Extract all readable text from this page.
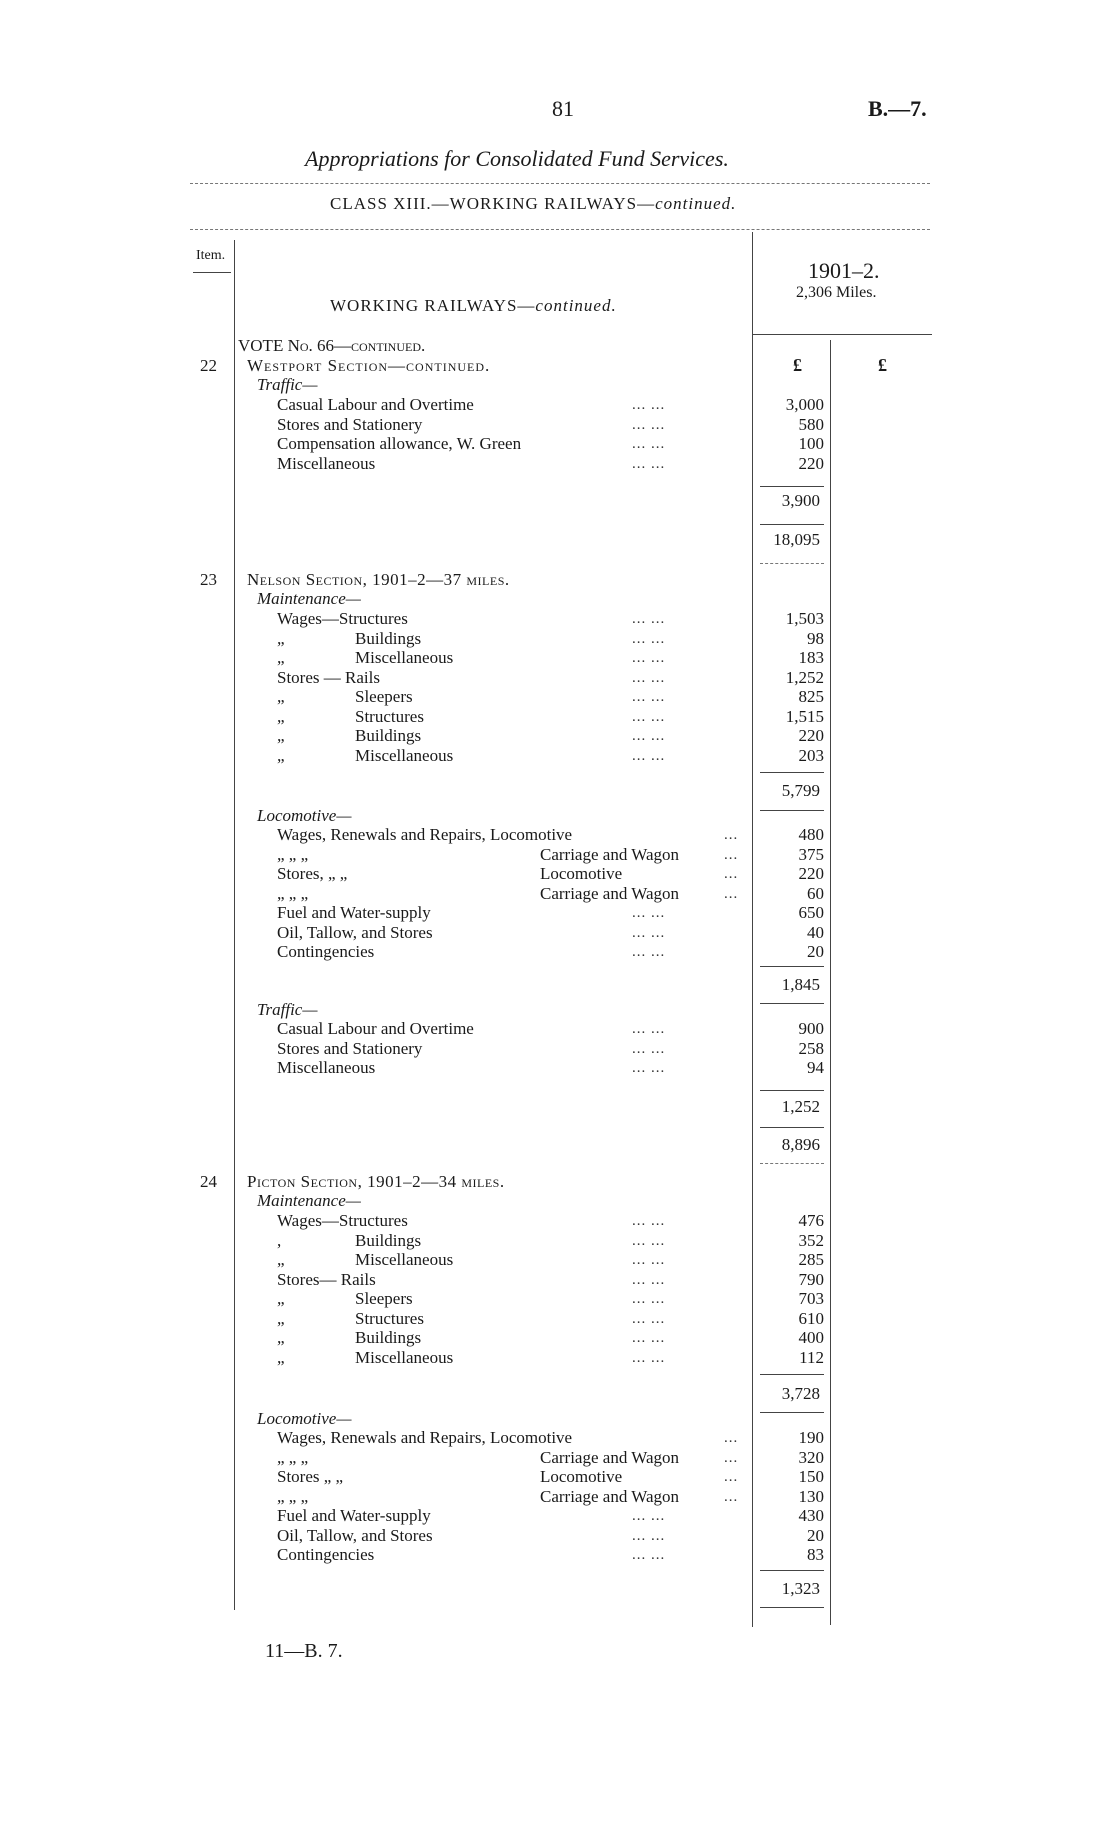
81	B.—7.
Appropriations for Consolidated Fund Services.
CLASS XIII.—WORKING RAILWAYS—continued.
Item.
WORKING RAILWAYS—continued.
1901–2.
2,306 Miles.
£	£
VOTE No. 66—continued.
22 Westport Section—continued.
Traffic—
Casual Labour and Overtime	... ...	3,000
Stores and Stationery	... ...	580
Compensation allowance, W. Green	... ...	100
Miscellaneous	... ...	220
3,900
18,095
23 Nelson Section, 1901–2—37 miles.
Maintenance—
Wages—Structures	... ...	1,503
„	Buildings	... ...	98
„	Miscellaneous	... ...	183
Stores — Rails	... ...	1,252
„	Sleepers	... ...	825
„	Structures	... ...	1,515
„	Buildings	... ...	220
„	Miscellaneous	... ...	203
5,799
Locomotive—
Wages, Renewals and Repairs, Locomotive	...	480
„ „ „	Carriage and Wagon	...	375
Stores, „ „	Locomotive	...	220
„ „ „	Carriage and Wagon	...	60
Fuel and Water-supply	... ...	650
Oil, Tallow, and Stores	... ...	40
Contingencies	... ...	20
1,845
Traffic—
Casual Labour and Overtime	... ...	900
Stores and Stationery	... ...	258
Miscellaneous	... ...	94
1,252
8,896
24 Picton Section, 1901–2—34 miles.
Maintenance—
Wages—Structures	... ...	476
,	Buildings	... ...	352
„	Miscellaneous	... ...	285
Stores— Rails	... ...	790
„	Sleepers	... ...	703
„	Structures	... ...	610
„	Buildings	... ...	400
„	Miscellaneous	... ...	112
3,728
Locomotive—
Wages, Renewals and Repairs, Locomotive	...	190
„ „ „	Carriage and Wagon	...	320
Stores „ „	Locomotive	...	150
„ „ „	Carriage and Wagon	...	130
Fuel and Water-supply	... ...	430
Oil, Tallow, and Stores	... ...	20
Contingencies	... ...	83
1,323
11—B. 7.
